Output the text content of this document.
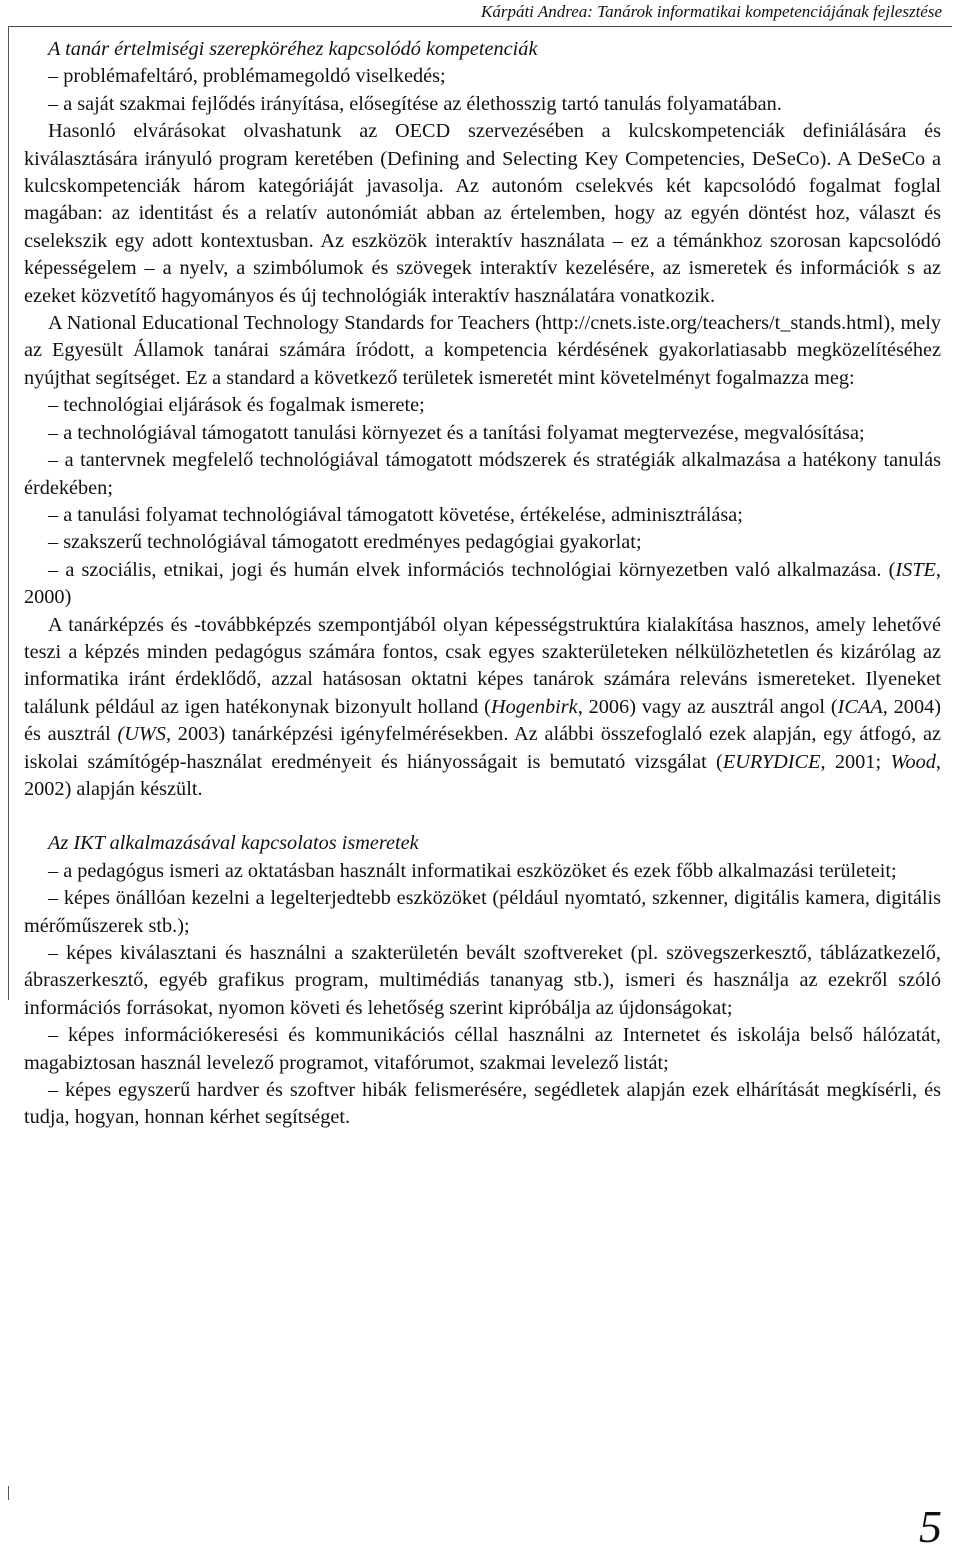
Kárpáti Andrea: Tanárok informatikai kompetenciájának fejlesztése

A tanár értelmiségi szerepköréhez kapcsolódó kompetenciák

– problémafeltáró, problémamegoldó viselkedés;

– a saját szakmai fejlődés irányítása, elősegítése az élethosszig tartó tanulás folyamatában.

Hasonló elvárásokat olvashatunk az OECD szervezésében a kulcskompetenciák definiálására és kiválasztására irányuló program keretében (Defining and Selecting Key Competencies, DeSeCo). A DeSeCo a kulcskompetenciák három kategóriáját javasolja. Az autonóm cselekvés két kapcsolódó fogalmat foglal magában: az identitást és a relatív autonómiát abban az értelemben, hogy az egyén döntést hoz, választ és cselekszik egy adott kontextusban. Az eszközök interaktív használata – ez a témánkhoz szorosan kapcsolódó képességelem – a nyelv, a szimbólumok és szövegek interaktív kezelésére, az ismeretek és információk s az ezeket közvetítő hagyományos és új technológiák interaktív használatára vonatkozik.

A National Educational Technology Standards for Teachers (http://cnets.iste.org/teachers/t_stands.html), mely az Egyesült Államok tanárai számára íródott, a kompetencia kérdésének gyakorlatiasabb megközelítéséhez nyújthat segítséget. Ez a standard a következő területek ismeretét mint követelményt fogalmazza meg:

– technológiai eljárások és fogalmak ismerete;

– a technológiával támogatott tanulási környezet és a tanítási folyamat megtervezése, megvalósítása;

– a tantervnek megfelelő technológiával támogatott módszerek és stratégiák alkalmazása a hatékony tanulás érdekében;

– a tanulási folyamat technológiával támogatott követése, értékelése, adminisztrálása;

– szakszerű technológiával támogatott eredményes pedagógiai gyakorlat;

– a szociális, etnikai, jogi és humán elvek információs technológiai környezetben való alkalmazása. (ISTE, 2000)

A tanárképzés és -továbbképzés szempontjából olyan képességstruktúra kialakítása hasznos, amely lehetővé teszi a képzés minden pedagógus számára fontos, csak egyes szakterületeken nélkülözhetetlen és kizárólag az informatika iránt érdeklődő, azzal hatásosan oktatni képes tanárok számára releváns ismereteket. Ilyeneket találunk például az igen hatékonynak bizonyult holland (Hogenbirk, 2006) vagy az ausztrál angol (ICAA, 2004) és ausztrál (UWS, 2003) tanárképzési igényfelmérésekben. Az alábbi összefoglaló ezek alapján, egy átfogó, az iskolai számítógép-használat eredményeit és hiányosságait is bemutató vizsgálat (EURYDICE, 2001; Wood, 2002) alapján készült.

Az IKT alkalmazásával kapcsolatos ismeretek

– a pedagógus ismeri az oktatásban használt informatikai eszközöket és ezek főbb alkalmazási területeit;

– képes önállóan kezelni a legelterjedtebb eszközöket (például nyomtató, szkenner, digitális kamera, digitális mérőműszerek stb.);

– képes kiválasztani és használni a szakterületén bevált szoftvereket (pl. szövegszerkesztő, táblázatkezelő, ábraszerkesztő, egyéb grafikus program, multimédiás tananyag stb.), ismeri és használja az ezekről szóló információs forrásokat, nyomon követi és lehetőség szerint kipróbálja az újdonságokat;

– képes információkeresési és kommunikációs céllal használni az Internetet és iskolája belső hálózatát, magabiztosan használ levelező programot, vitafórumot, szakmai levelező listát;

– képes egyszerű hardver és szoftver hibák felismerésére, segédletek alapján ezek elhárítását megkísérli, és tudja, hogyan, honnan kérhet segítséget.

5
